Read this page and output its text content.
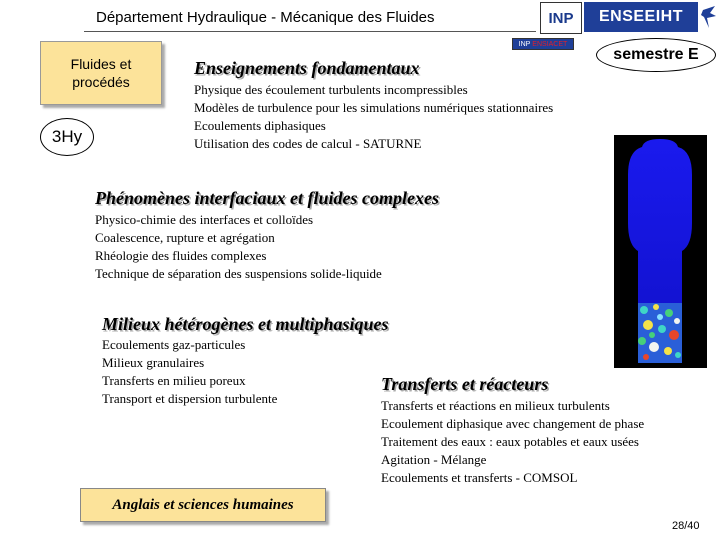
Département Hydraulique - Mécanique des Fluides	INP	ENSEEIHT
Fluides et
procédés
3Hy
INP
ENSIACET
semestre E
Enseignements fondamentaux
Physique des écoulement turbulents incompressibles
Modèles de turbulence pour les simulations numériques stationnaires
Ecoulements diphasiques
Utilisation des codes de calcul - SATURNE
Phénomènes interfaciaux et fluides complexes
Physico-chimie des interfaces et colloïdes
Coalescence, rupture et agrégation
Rhéologie des fluides complexes
Technique de séparation des suspensions solide-liquide
Milieux hétérogènes et multiphasiques
Ecoulements gaz-particules
Milieux granulaires
Transferts en milieu poreux
Transport et dispersion turbulente
Transferts et réacteurs
Transferts et réactions en milieux turbulents
Ecoulement diphasique avec changement de phase
Traitement des eaux : eaux potables et eaux usées
Agitation - Mélange
Ecoulements et transferts - COMSOL
Anglais et sciences humaines
28/40
